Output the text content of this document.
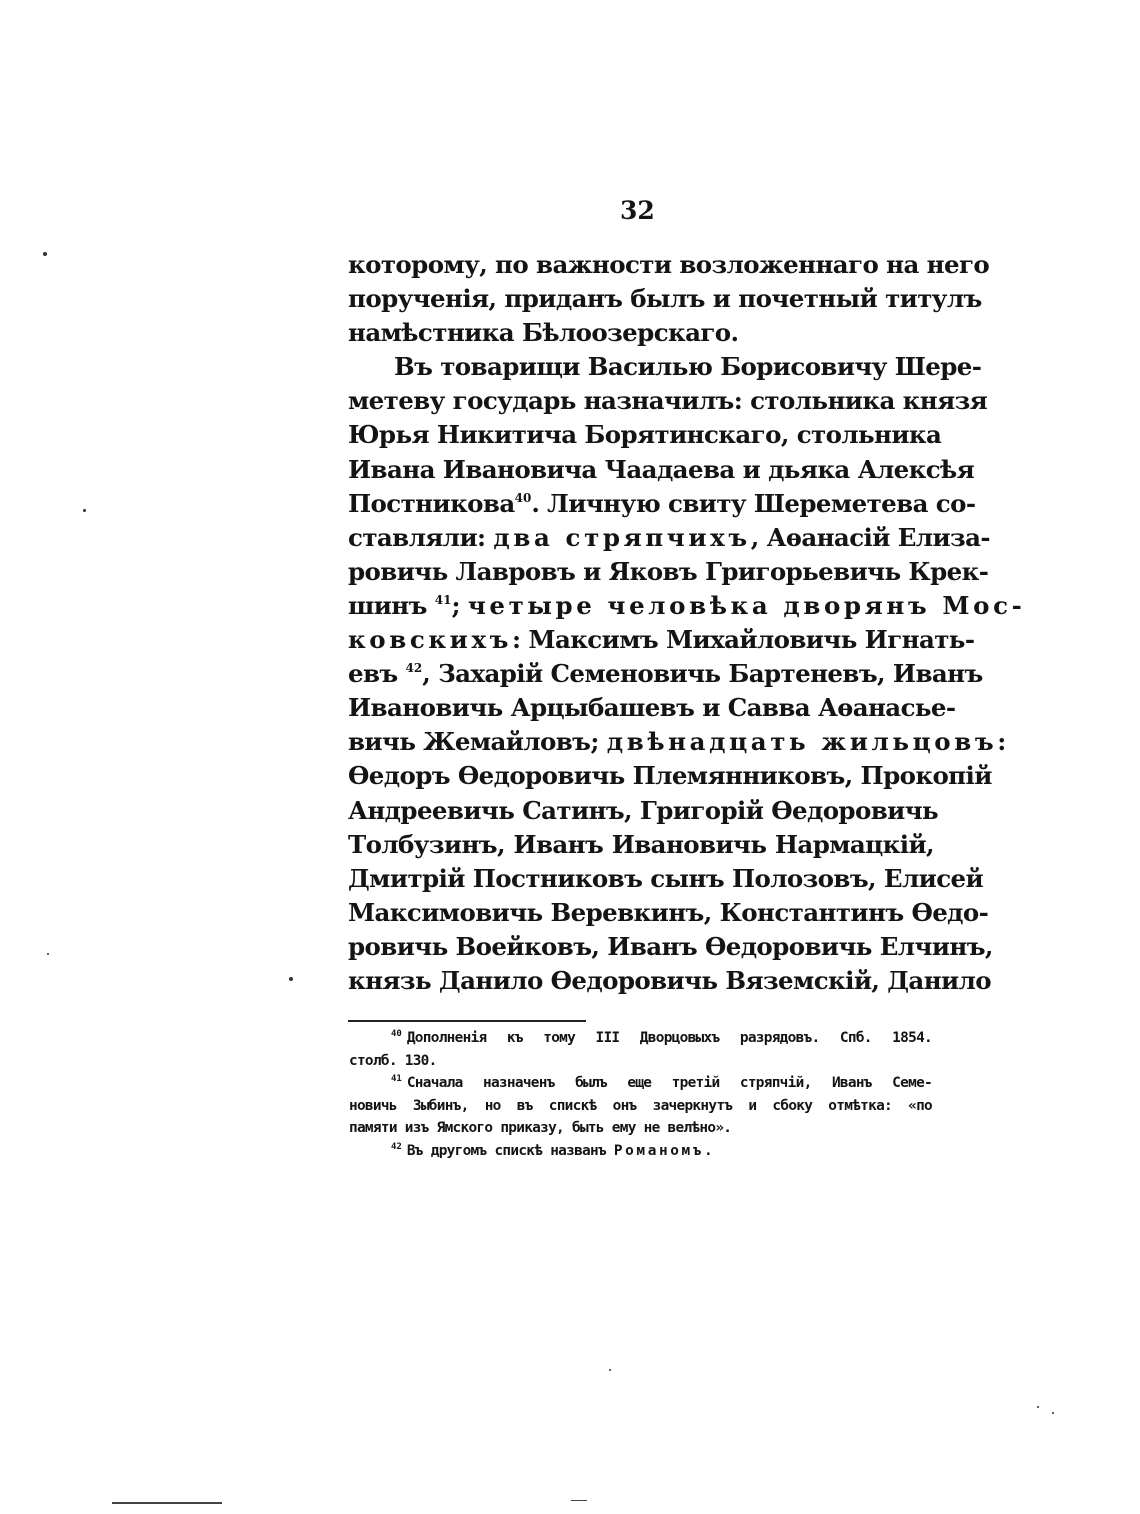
32
которому, по важности возложеннаго на него
порученія, приданъ былъ и почетный титулъ
намѣстника Бѣлоозерскаго.
Въ товарищи Василью Борисовичу Шере-
метеву государь назначилъ: стольника князя
Юрья Никитича Борятинскаго, стольника
Ивана Ивановича Чаадаева и дьяка Алексѣя
Постникова$^{40}$. Личную свиту Шереметева со-
ставляли: два стряпчихъ, Аѳанасій Елиза-
ровичь Лавровъ и Яковъ Григорьевичь Крек-
шинъ $^{41}$; четыре человѣка дворянъ Мос-
ковскихъ: Максимъ Михайловичь Игнать-
евъ $^{42}$, Захарій Семеновичь Бартеневъ, Иванъ
Ивановичь Арцыбашевъ и Савва Аѳанасье-
вичь Жемайловъ; двѣнадцать жильцовъ:
Ѳедоръ Ѳедоровичь Племянниковъ, Прокопій
Андреевичь Сатинъ, Григорій Ѳедоровичь
Толбузинъ, Иванъ Ивановичь Нармацкій,
Дмитрій Постниковъ сынъ Полозовъ, Елисей
Максимовичь Веревкинъ, Константинъ Ѳедо-
ровичь Воейковъ, Иванъ Ѳедоровичь Елчинъ,
князь Данило Ѳедоровичь Вяземскій, Данило
$^{40}$ Дополненія къ тому III Дворцовыхъ разрядовъ. Спб. 1854.
столб. 130.
$^{41}$ Сначала назначенъ былъ еще третій стряпчій, Иванъ Семе-
новичь Зыбинъ, но въ спискѣ онъ зачеркнутъ и сбоку отмѣтка: «по
памяти изъ Ямского приказу, быть ему не велѣно».
$^{42}$ Въ другомъ спискѣ названъ Романомъ.
